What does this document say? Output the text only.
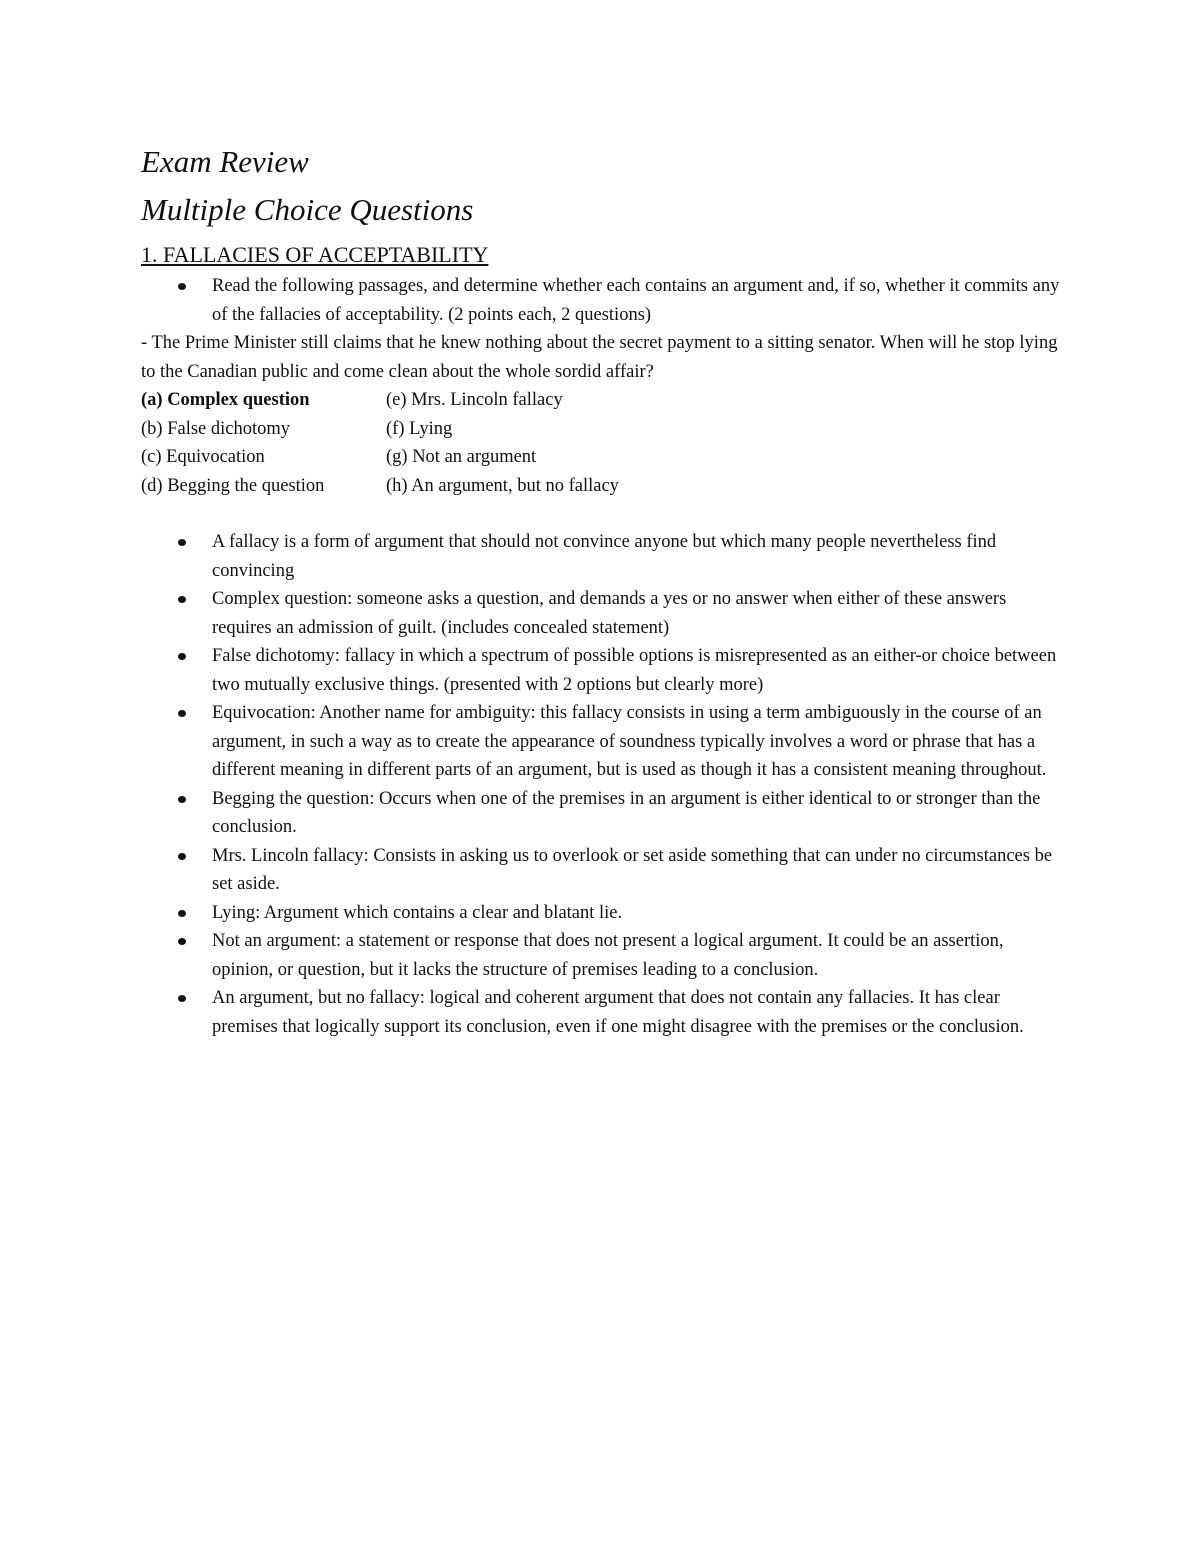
Exam Review
Multiple Choice Questions
1. FALLACIES OF ACCEPTABILITY
Read the following passages, and determine whether each contains an argument and, if so, whether it commits any of the fallacies of acceptability. (2 points each, 2 questions)

- The Prime Minister still claims that he knew nothing about the secret payment to a sitting senator. When will he stop lying to the Canadian public and come clean about the whole sordid affair?

(a) Complex question	(e) Mrs. Lincoln fallacy
(b) False dichotomy	(f) Lying
(c) Equivocation	(g) Not an argument
(d) Begging the question	(h) An argument, but no fallacy
A fallacy is a form of argument that should not convince anyone but which many people nevertheless find convincing
Complex question: someone asks a question, and demands a yes or no answer when either of these answers requires an admission of guilt. (includes concealed statement)
False dichotomy: fallacy in which a spectrum of possible options is misrepresented as an either-or choice between two mutually exclusive things. (presented with 2 options but clearly more)
Equivocation: Another name for ambiguity: this fallacy consists in using a term ambiguously in the course of an argument, in such a way as to create the appearance of soundness typically involves a word or phrase that has a different meaning in different parts of an argument, but is used as though it has a consistent meaning throughout.
Begging the question: Occurs when one of the premises in an argument is either identical to or stronger than the conclusion.
Mrs. Lincoln fallacy: Consists in asking us to overlook or set aside something that can under no circumstances be set aside.
Lying: Argument which contains a clear and blatant lie.
Not an argument: a statement or response that does not present a logical argument. It could be an assertion, opinion, or question, but it lacks the structure of premises leading to a conclusion.
An argument, but no fallacy: logical and coherent argument that does not contain any fallacies. It has clear premises that logically support its conclusion, even if one might disagree with the premises or the conclusion.
